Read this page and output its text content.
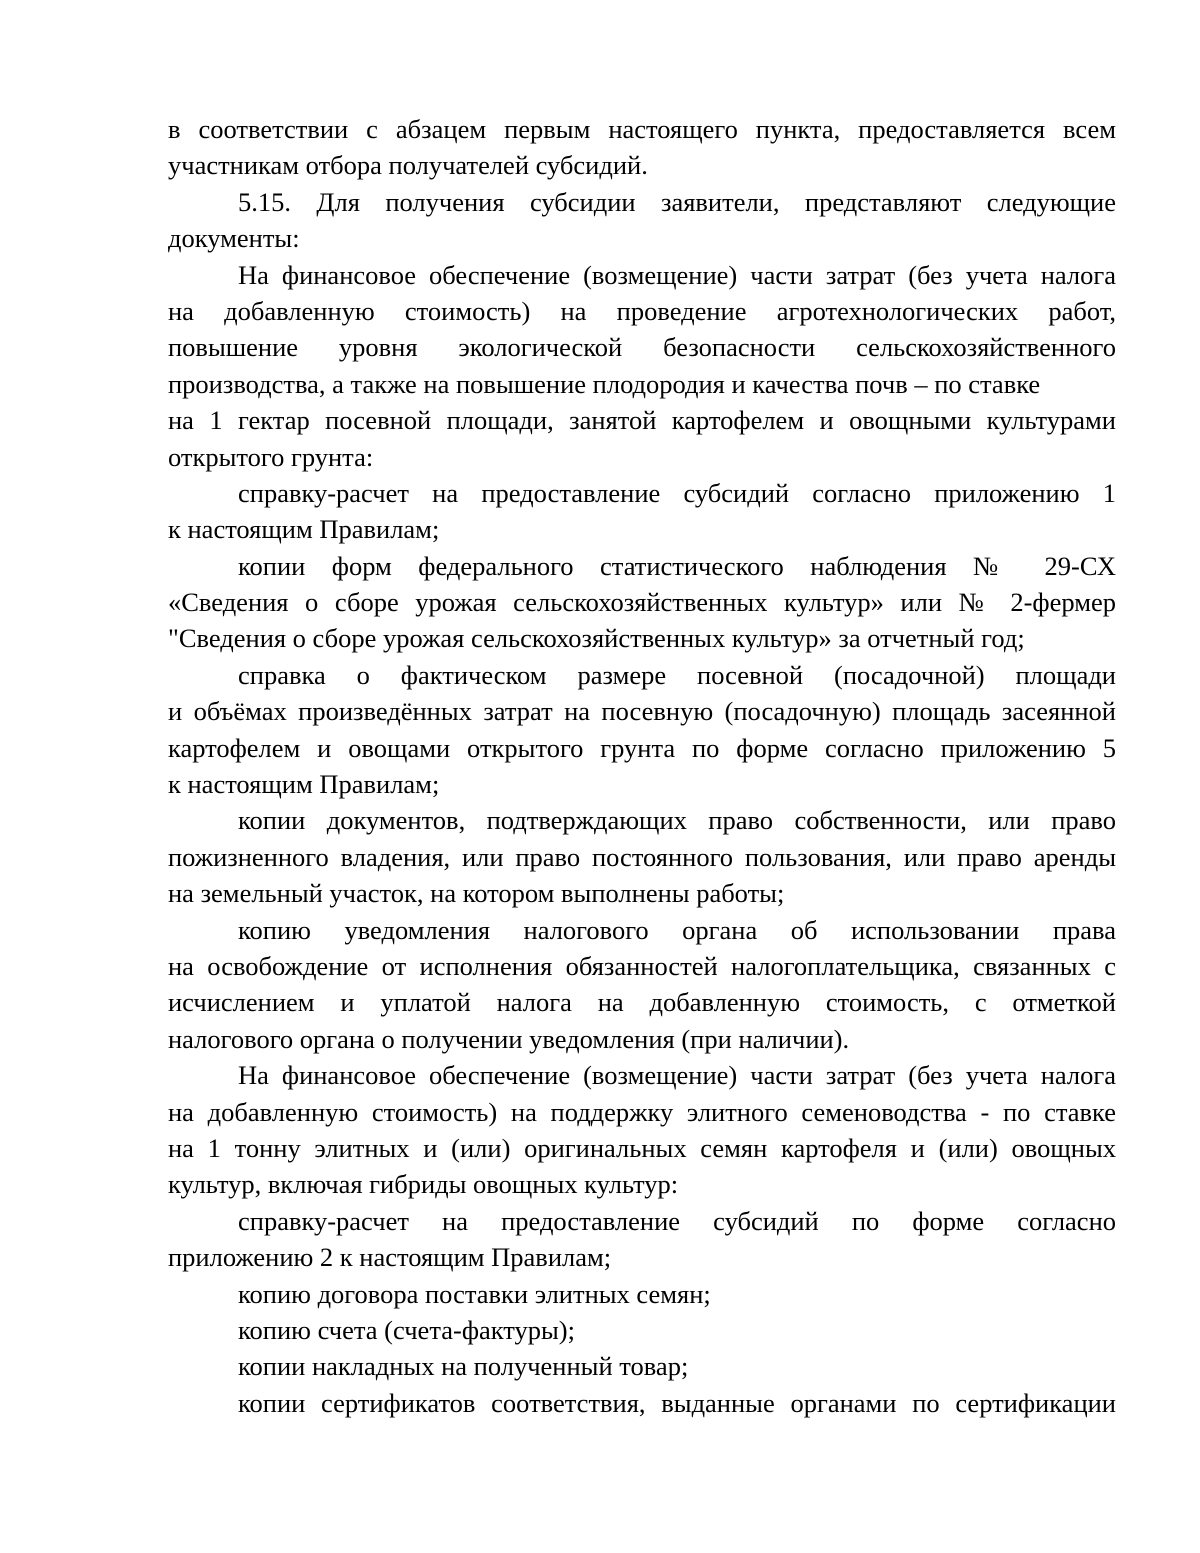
в соответствии с абзацем первым настоящего пункта, предоставляется всем
участникам отбора получателей субсидий.
5.15. Для получения субсидии заявители, представляют следующие
документы:
На финансовое обеспечение (возмещение) части затрат (без учета налога
на добавленную стоимость) на проведение агротехнологических работ,
повышение уровня экологической безопасности сельскохозяйственного
производства, а также на повышение плодородия и качества почв – по ставке
на 1 гектар посевной площади, занятой картофелем и овощными культурами
открытого грунта:
справку-расчет на предоставление субсидий согласно приложению 1
к настоящим Правилам;
копии форм федерального статистического наблюдения № 29-СХ
«Сведения о сборе урожая сельскохозяйственных культур» или № 2-фермер
"Сведения о сборе урожая сельскохозяйственных культур» за отчетный год;
справка о фактическом размере посевной (посадочной) площади
и объёмах произведённых затрат на посевную (посадочную) площадь засеянной
картофелем и овощами открытого грунта по форме согласно приложению 5
к настоящим Правилам;
копии документов, подтверждающих право собственности, или право
пожизненного владения, или право постоянного пользования, или право аренды
на земельный участок, на котором выполнены работы;
копию уведомления налогового органа об использовании права
на освобождение от исполнения обязанностей налогоплательщика, связанных с
исчислением и уплатой налога на добавленную стоимость, с отметкой
налогового органа о получении уведомления (при наличии).
На финансовое обеспечение (возмещение) части затрат (без учета налога
на добавленную стоимость) на поддержку элитного семеноводства - по ставке
на 1 тонну элитных и (или) оригинальных семян картофеля и (или) овощных
культур, включая гибриды овощных культур:
справку-расчет на предоставление субсидий по форме согласно
приложению 2 к настоящим Правилам;
копию договора поставки элитных семян;
копию счета (счета-фактуры);
копии накладных на полученный товар;
копии сертификатов соответствия, выданные органами по сертификации
